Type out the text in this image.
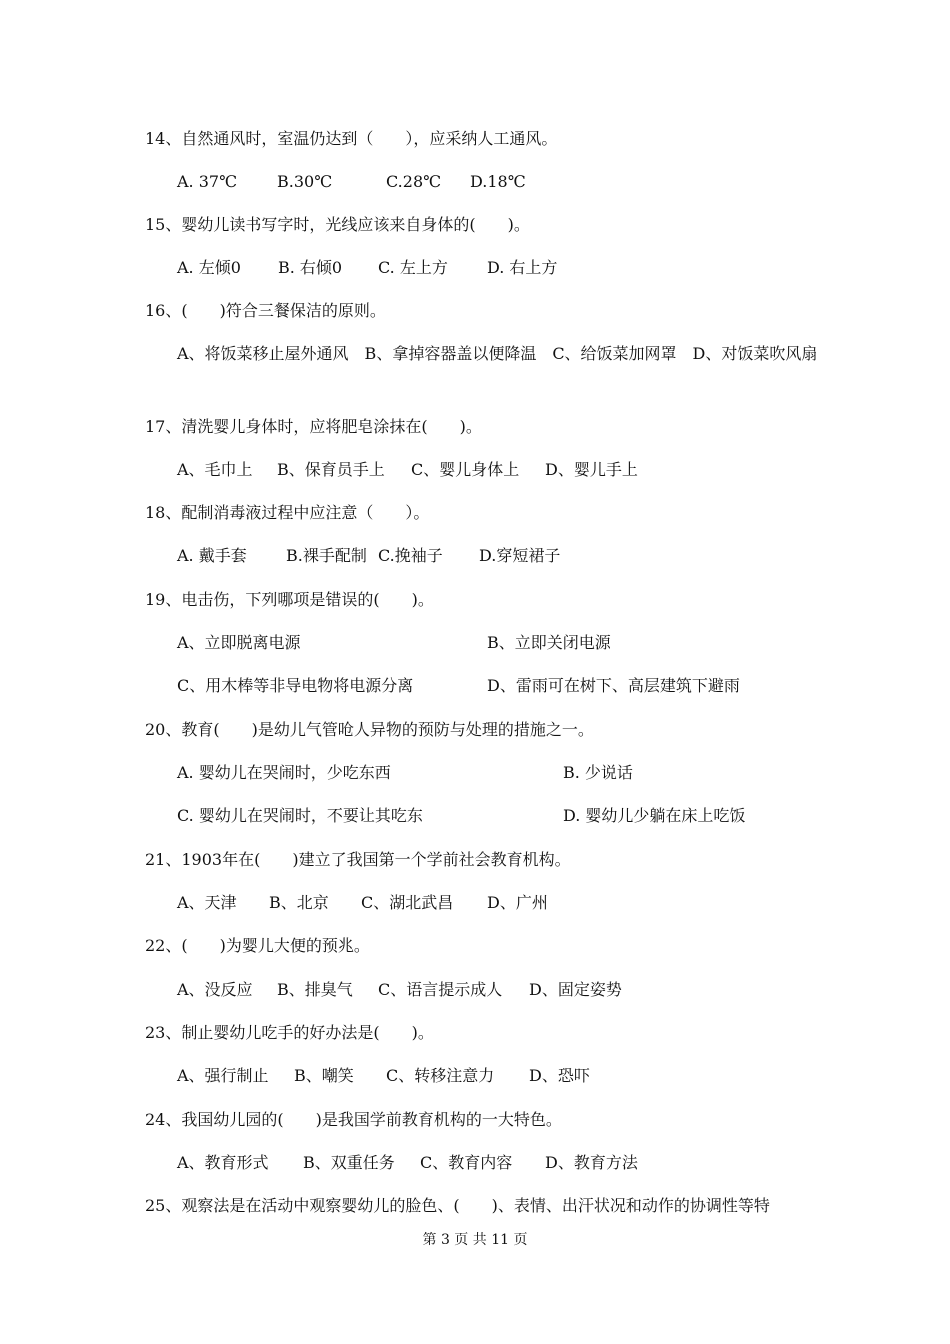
14、自然通风时，室温仍达到（　　），应采纳人工通风。
A. 37℃	B.30℃	C.28℃ D.18℃
15、婴幼儿读书写字时，光线应该来自身体的(　　)。
A. 左倾0 B. 右倾0 C. 左上方 D. 右上方
16、(　　)符合三餐保洁的原则。
A、将饭菜移止屋外通风　B、拿掉容器盖以便降温　C、给饭菜加网罩　D、对饭菜吹风扇
17、清洗婴儿身体时，应将肥皂涂抹在(　　)。
A、毛巾上 B、保育员手上 C、婴儿身体上 D、婴儿手上
18、配制消毒液过程中应注意（　　）。
A. 戴手套 B.裸手配制 C.挽袖子 D.穿短裙子
19、电击伤，下列哪项是错误的(　　)。
A、立即脱离电源	B、立即关闭电源
C、用木棒等非导电物将电源分离	D、雷雨可在树下、高层建筑下避雨
20、教育(　　)是幼儿气管呛人异物的预防与处理的措施之一。
A. 婴幼儿在哭闹时，少吃东西	B. 少说话
C. 婴幼儿在哭闹时，不要让其吃东	D. 婴幼儿少躺在床上吃饭
21、1903年在(　　)建立了我国第一个学前社会教育机构。
A、天津 B、北京 C、湖北武昌 D、广州
22、(　　)为婴儿大便的预兆。
A、没反应 B、排臭气 C、语言提示成人 D、固定姿势
23、制止婴幼儿吃手的好办法是(　　)。
A、强行制止 B、嘲笑 C、转移注意力 D、恐吓
24、我国幼儿园的(　　)是我国学前教育机构的一大特色。
A、教育形式 B、双重任务 C、教育内容 D、教育方法
25、观察法是在活动中观察婴幼儿的脸色、(　　)、表情、出汗状况和动作的协调性等特
第 3 页 共 11 页
